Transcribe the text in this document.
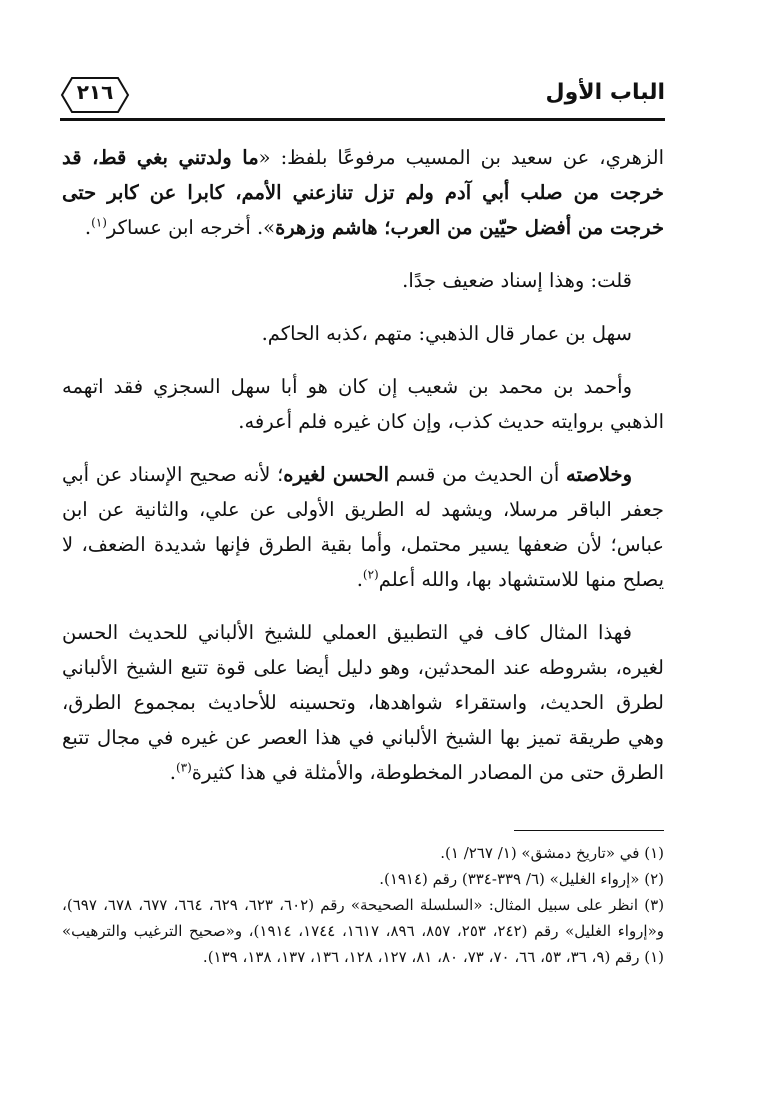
٢١٦	الباب الأول

الزهري، عن سعيد بن المسيب مرفوعًا بلفظ: «ما ولدتني بغي قط، قد خرجت من صلب أبي آدم ولم تزل تنازعني الأمم، كابرا عن كابر حتى خرجت من أفضل حيّين من العرب؛ هاشم وزهرة». أخرجه ابن عساكر$^{(١)}$.

قلت: وهذا إسناد ضعيف جدًا.

سهل بن عمار قال الذهبي: متهم ،كذبه الحاكم.

وأحمد بن محمد بن شعيب إن كان هو أبا سهل السجزي فقد اتهمه الذهبي بروايته حديث كذب، وإن كان غيره فلم أعرفه.

وخلاصته أن الحديث من قسم الحسن لغيره؛ لأنه صحيح الإسناد عن أبي جعفر الباقر مرسلا، ويشهد له الطريق الأولى عن علي، والثانية عن ابن عباس؛ لأن ضعفها يسير محتمل، وأما بقية الطرق فإنها شديدة الضعف، لا يصلح منها للاستشهاد بها، والله أعلم$^{(٢)}$.

فهذا المثال كاف في التطبيق العملي للشيخ الألباني للحديث الحسن لغيره، بشروطه عند المحدثين، وهو دليل أيضا على قوة تتبع الشيخ الألباني لطرق الحديث، واستقراء شواهدها، وتحسينه للأحاديث بمجموع الطرق، وهي طريقة تميز بها الشيخ الألباني في هذا العصر عن غيره في مجال تتبع الطرق حتى من المصادر المخطوطة، والأمثلة في هذا كثيرة$^{(٣)}$.

(١) في «تاريخ دمشق» (١/ ٢٦٧/ ١).

(٢) «إرواء الغليل» (٦/ ٣٣٩-٣٣٤) رقم (١٩١٤).

(٣) انظر على سبيل المثال: «السلسلة الصحيحة» رقم (٦٠٢، ٦٢٣، ٦٢٩، ٦٦٤، ٦٧٧، ٦٧٨، ٦٩٧)، و«إرواء الغليل» رقم (٢٤٢، ٢٥٣، ٨٥٧، ٨٩٦، ١٦١٧، ١٧٤٤، ١٩١٤)، و«صحيح الترغيب والترهيب» (١) رقم (٩، ٣٦، ٥٣، ٦٦، ٧٠، ٧٣، ٨٠، ٨١، ١٢٧، ١٢٨، ١٣٦، ١٣٧، ١٣٨، ١٣٩).
